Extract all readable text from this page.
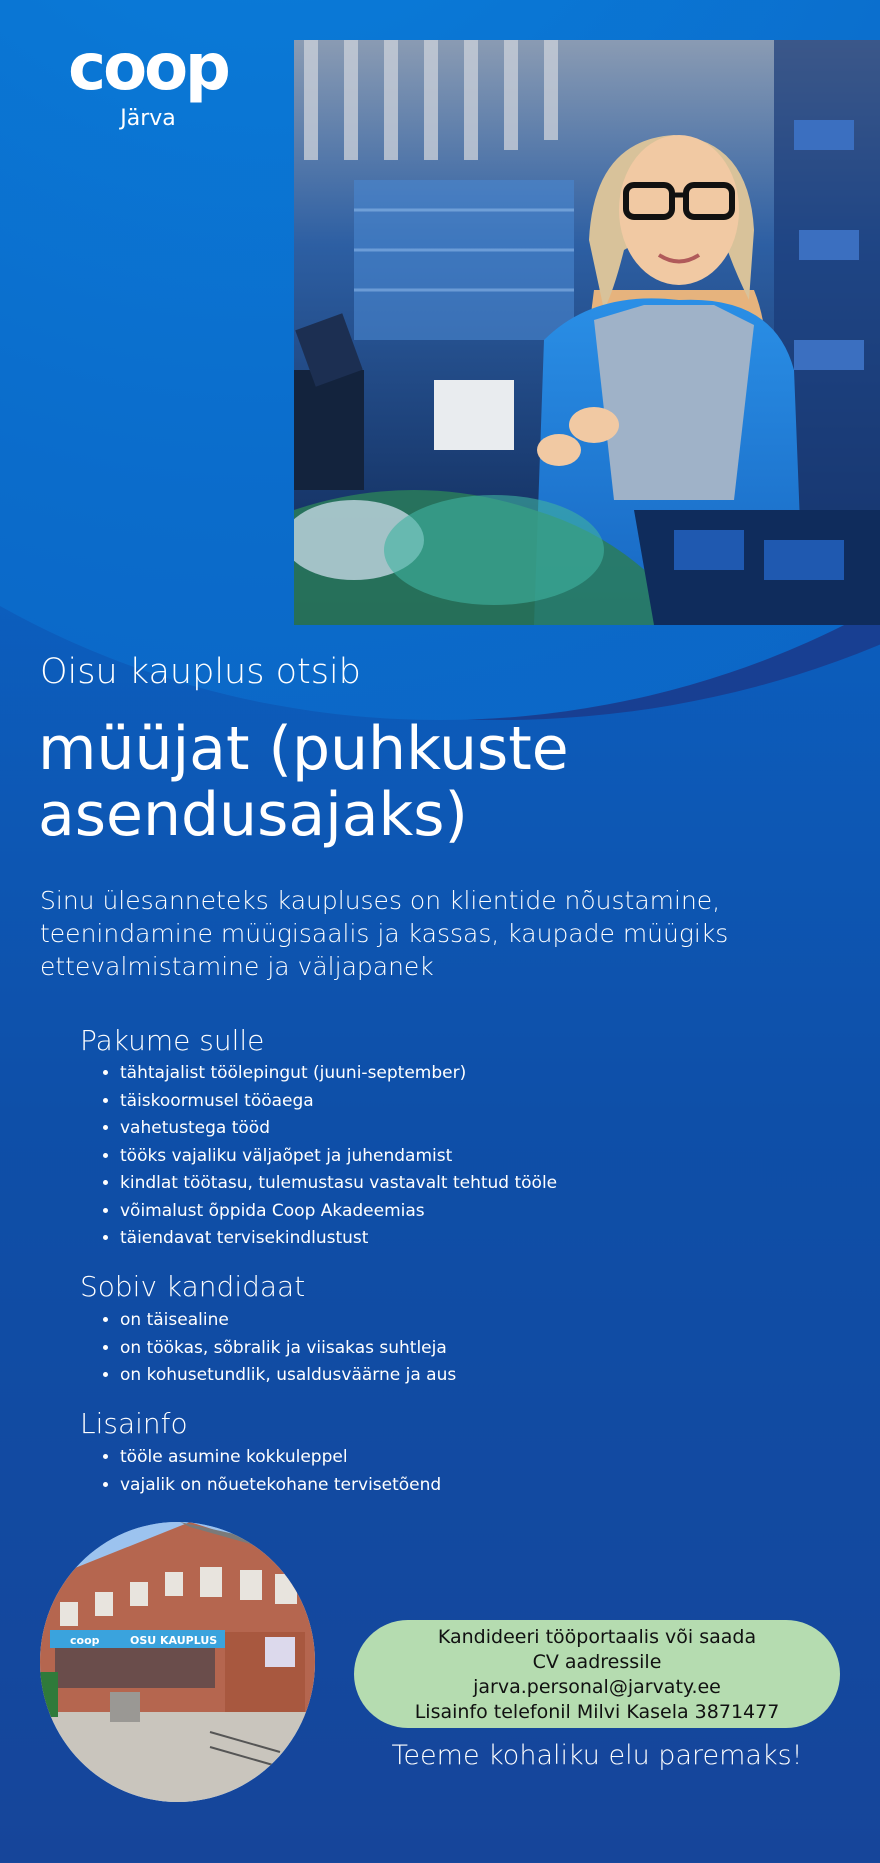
coop
Järva
Oisu kauplus otsib
müüjat (puhkuste asendusajaks)

Sinu ülesanneteks kaupluses on klientide nõustamine, teenindamine müügisaalis ja kassas, kaupade müügiks ettevalmistamine ja väljapanek

Pakume sulle
• tähtajalist töölepingut (juuni-september)
• täiskoormusel tööaega
• vahetustega tööd
• tööks vajaliku väljaõpet ja juhendamist
• kindlat töötasu, tulemustasu vastavalt tehtud tööle
• võimalust õppida Coop Akadeemias
• täiendavat tervisekindlustust
Sobiv kandidaat
• on täisealine
• on töökas, sõbralik ja viisakas suhtleja
• on kohusetundlik, usaldusväärne ja aus
Lisainfo
• tööle asumine kokkuleppel
• vajalik on nõuetekohane tervisetõend
OSU KAUPLUS
coop	Kandideeri tööportaalis või saada
CV aadressile
jarva.personal@jarvaty.ee
Lisainfo telefonil Milvi Kasela 3871477
Teeme kohaliku elu paremaks!
